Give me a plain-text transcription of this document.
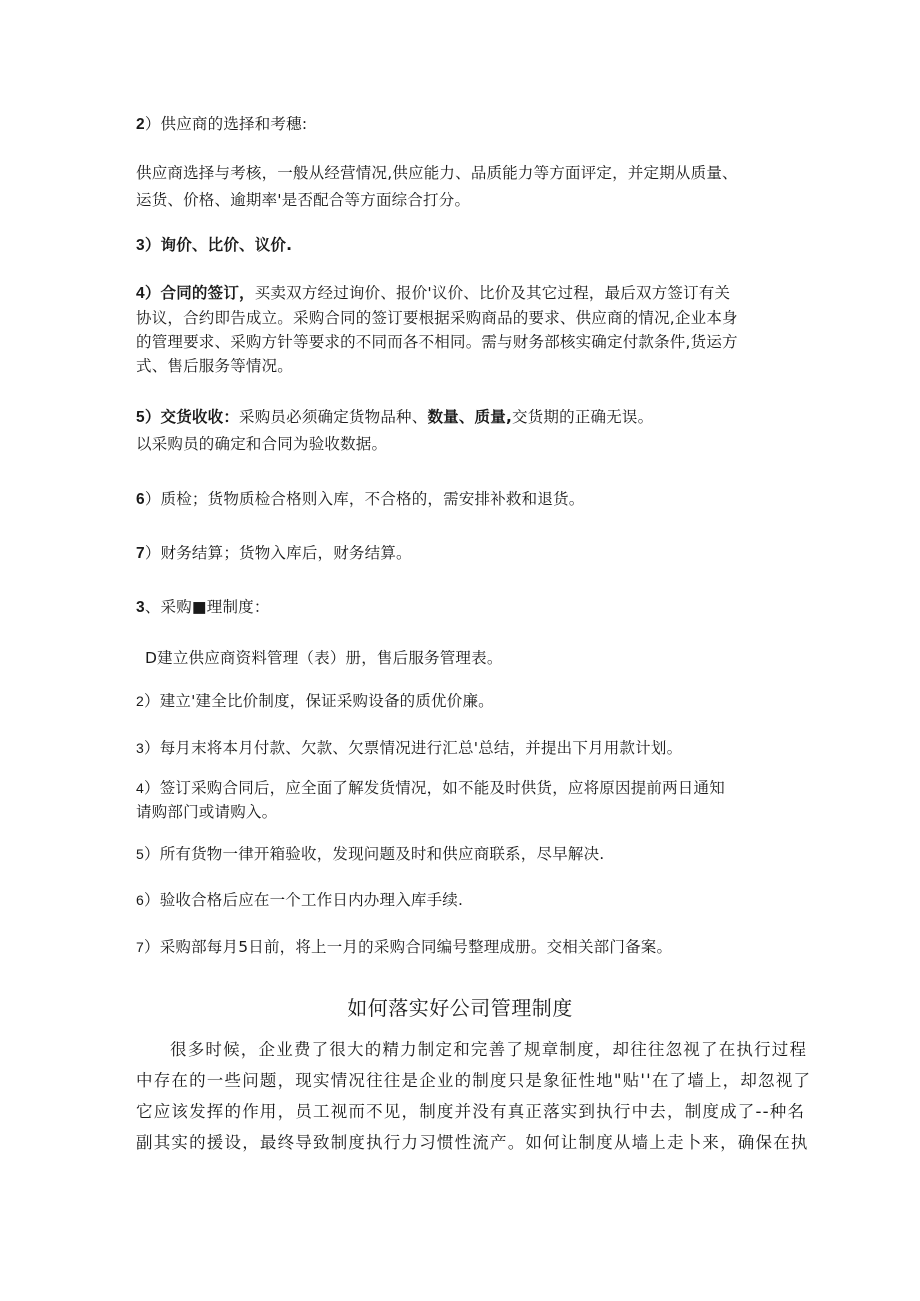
2）供应商的选择和考穗:
供应商选择与考核，一般从经营情况,供应能力、品质能力等方面评定，并定期从质量、
运货、价格、逾期率'是否配合等方面综合打分。
3）询价、比价、议价.
4）合同的签订，买卖双方经过询价、报价'议价、比价及其它过程，最后双方签订有关
协议，合约即告成立。采购合同的签订要根据采购商品的要求、供应商的情况,企业本身
的管理要求、采购方针等要求的不同而各不相同。需与财务部核实确定付款条件,货运方
式、售后服务等情况。
5）交货收收：采购员必须确定货物品种、数量、质量,交货期的正确无误。
以采购员的确定和合同为验收数据。
6）质检；货物质检合格则入库，不合格的，需安排补救和退货。
7）财务结算；货物入库后，财务结算。
3、采购■理制度：
D建立供应商资料管理（表）册，售后服务管理表。
2）建立'建全比价制度，保证采购设备的质优价廉。
3）每月末将本月付款、欠款、欠票情况进行汇总'总结，并提出下月用款计划。
4）签订采购合同后，应全面了解发货情况，如不能及时供货，应将原因提前两日通知
请购部门或请购入。
5）所有货物一律开箱验收，发现问题及时和供应商联系，尽早解决.
6）验收合格后应在一个工作日内办理入库手续.
7）采购部每月5日前，将上一月的采购合同编号整理成册。交相关部门备案。
如何落实好公司管理制度
很多时候，企业费了很大的精力制定和完善了规章制度，却往往忽视了在执行过程
中存在的一些问题，现实情况往往是企业的制度只是象征性地"贴''在了墙上，却忽视了
它应该发挥的作用，员工视而不见，制度并没有真正落实到执行中去，制度成了--种名
副其实的援设，最终导致制度执行力习惯性流产。如何让制度从墙上走卜来，确保在执
